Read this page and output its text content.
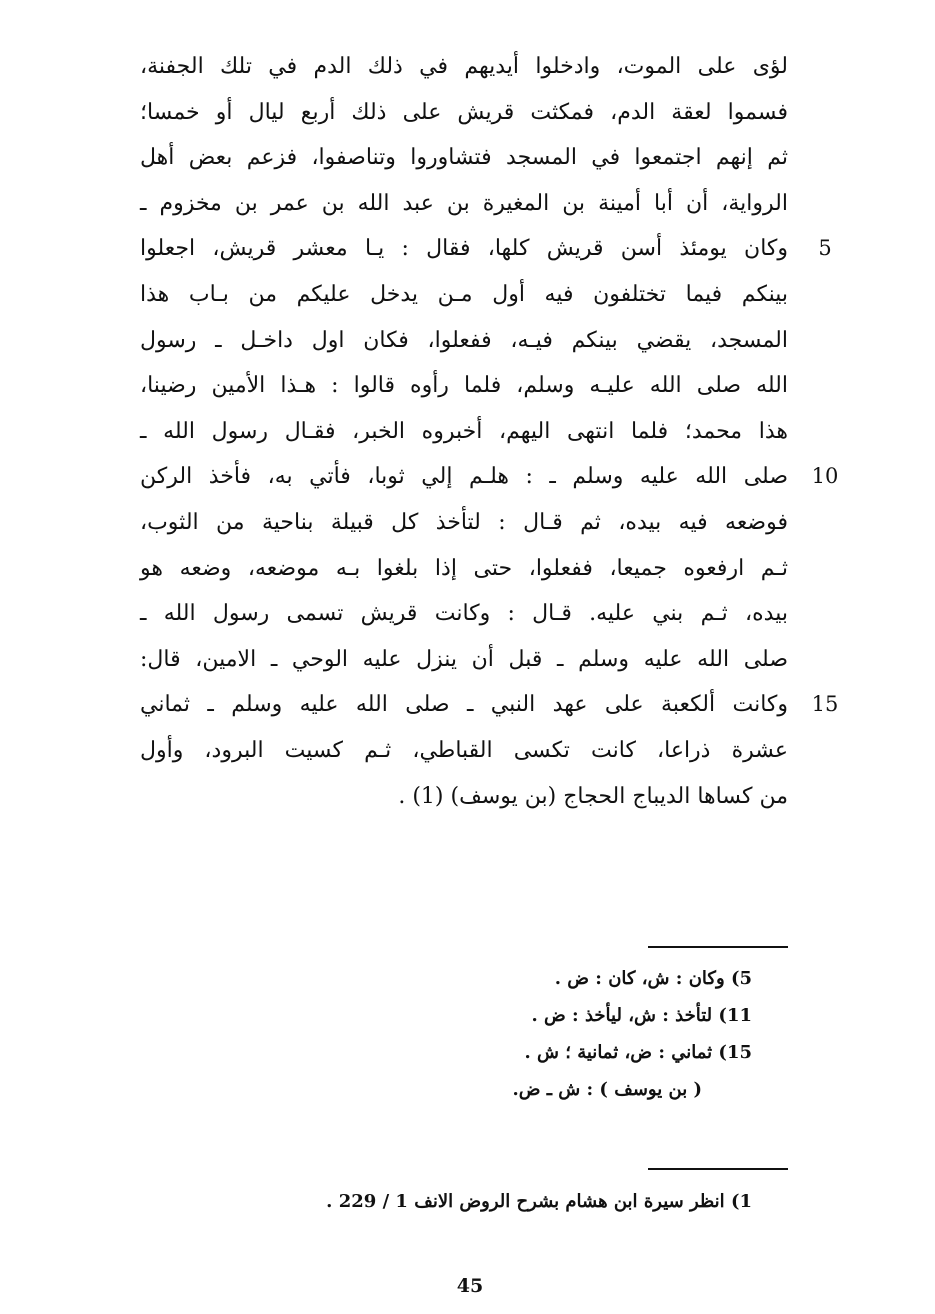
لؤى على الموت، وادخلوا أيديهم في ذلك الدم في تلك الجفنة،
فسموا لعقة الدم، فمكثت قريش على ذلك أربع ليال أو خمسا؛
ثم إنهم اجتمعوا في المسجد فتشاوروا وتناصفوا، فزعم بعض أهل
الرواية، أن أبا أمينة بن المغيرة بن عبد الله بن عمر بن مخزوم ـ
وكان يومئذ أسن قريش كلها، فقال : يـا معشر قريش، اجعلوا
بينكم فيما تختلفون فيه أول مـن يدخل عليكم من بـاب هذا
المسجد، يقضي بينكم فيـه، ففعلوا، فكان اول داخـل ـ رسول
الله صلى الله عليـه وسلم، فلما رأوه قالوا : هـذا الأمين رضينا،
هذا محمد؛ فلما انتهى اليهم، أخبروه الخبر، فقـال رسول الله ـ
صلى الله عليه وسلم ـ : هلـم إلي ثوبا، فأتي به، فأخذ الركن
فوضعه فيه بيده، ثم قـال : لتأخذ كل قبيلة بناحية من الثوب،
ثـم ارفعوه جميعا، ففعلوا، حتى إذا بلغوا بـه موضعه، وضعه هو
بيده، ثـم بني عليه. قـال : وكانت قريش تسمى رسول الله ـ
صلى الله عليه وسلم ـ قبل أن ينزل عليه الوحي ـ الامين، قال:
وكانت ألكعبة على عهد النبي ـ صلى الله عليه وسلم ـ ثماني
عشرة ذراعا، كانت تكسى القباطي، ثـم كسيت البرود، وأول
من كساها الديباج الحجاج (بن يوسف) (1) .
5
10
15
5) وكان : ش، كان : ض .
11) لتأخذ : ش، ليأخذ : ض .
15) ثماني : ض، ثمانية ؛ ش .
( بن يوسف ) : ش ـ ض.
1) انظر سيرة ابن هشام بشرح الروض الانف 1 / 229 .
45
